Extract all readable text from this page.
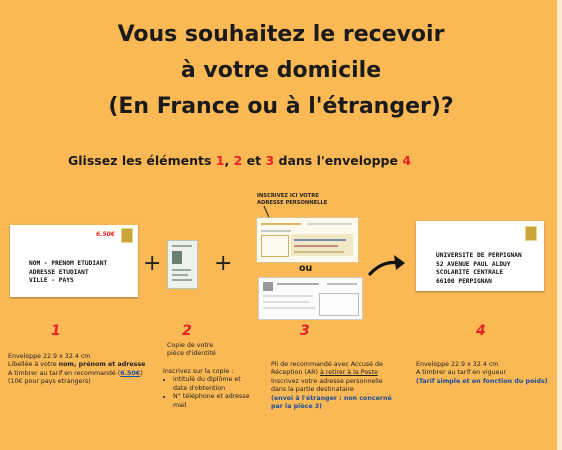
Vous souhaitez le recevoir
à votre domicile
(En France ou à l'étranger)?
Glissez les éléments 1, 2 et 3 dans l'enveloppe 4
6.50€
NOM - PRENOM ETUDIANT
ADRESSE ETUDIANT
VILLE - PAYS
+ +
INSCRIVEZ ICI VOTRE
ADRESSE PERSONNELLE
ou
UNIVERSITE DE PERPIGNAN
52 AVENUE PAUL ALDUY
SCOLARITE CENTRALE
66100 PERPIGNAN
1	2	3	4
Enveloppe 22.9 x 32.4 cm
Libellée à votre nom, prénom et adresse
A timbrer au tarif en recommandé (6.50€)
(10€ pour pays etrangers)
Copie de votre
pièce d'identité
Inscrivez sur la copie :
• intitulé du diplôme et
date d'obtention
• N° téléphone et adresse
mail
Pli de recommandé avec Accusé de
Réception (AR) à retirer à la Poste
Inscrivez votre adresse personnelle
dans la partie destinataire
(envoi à l'étranger : non concerné
par la pièce 3)
Enveloppe 22.9 x 32.4 cm
A timbrer au tarif en vigueur
(Tarif simple et en fonction du poids)
